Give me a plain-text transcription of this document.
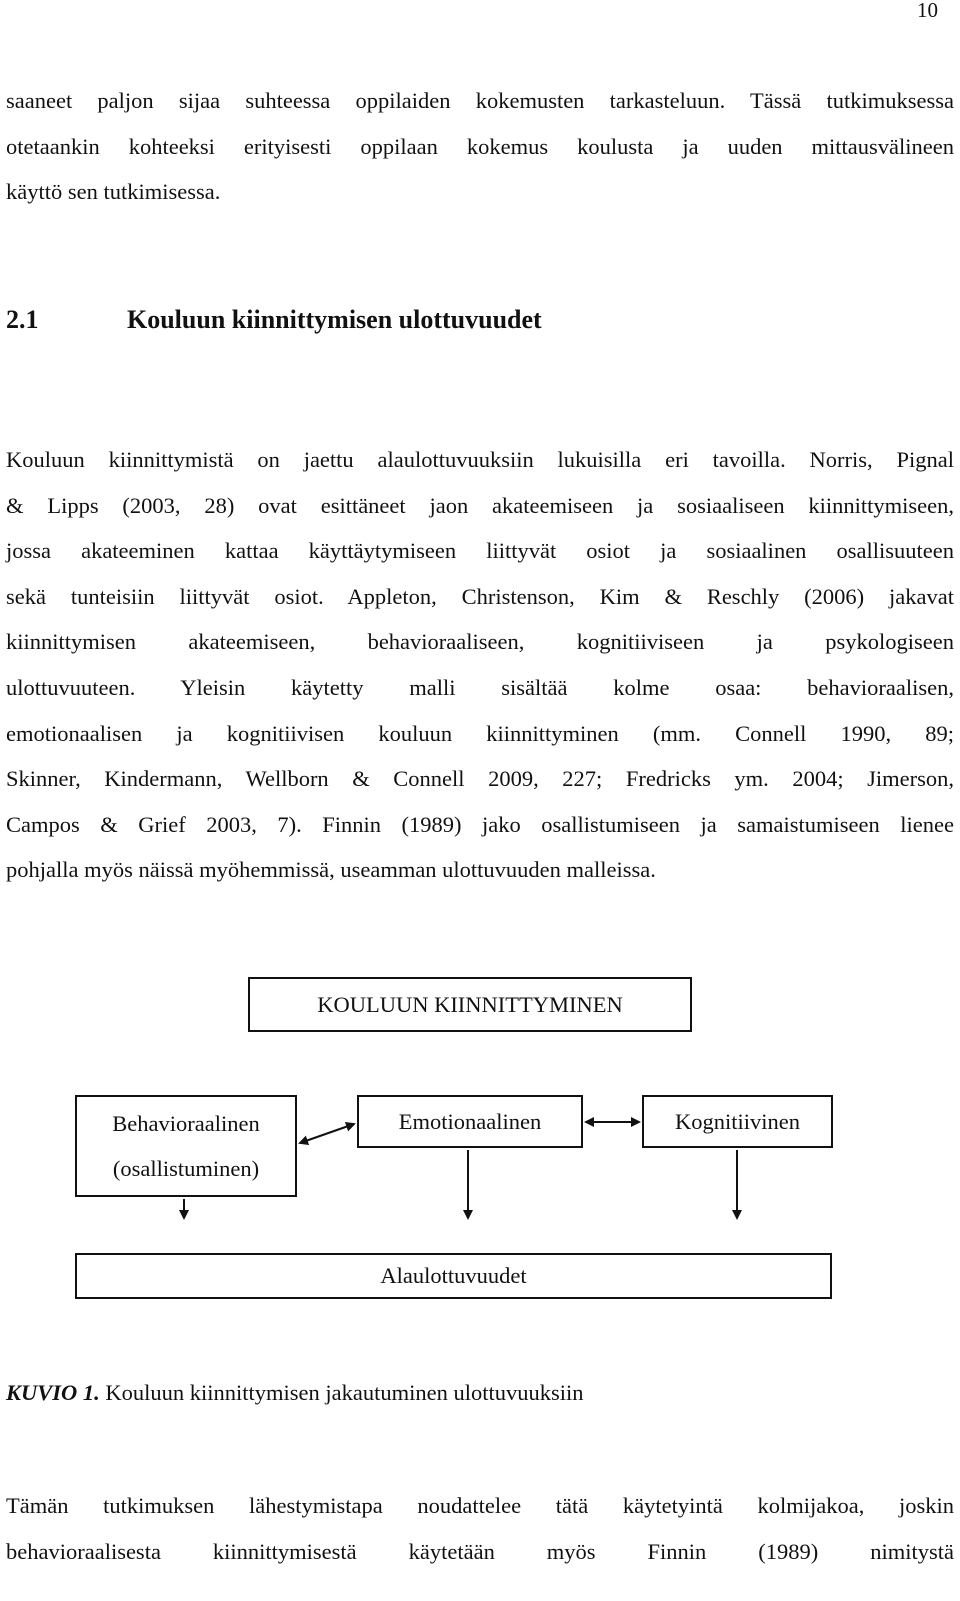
10

saaneet paljon sijaa suhteessa oppilaiden kokemusten tarkasteluun. Tässä tutkimuksessa
otetaankin kohteeksi erityisesti oppilaan kokemus koulusta ja uuden mittausvälineen
käyttö sen tutkimisessa.

2.1	Kouluun kiinnittymisen ulottuvuudet

Kouluun kiinnittymistä on jaettu alaulottuvuuksiin lukuisilla eri tavoilla. Norris, Pignal
& Lipps (2003, 28) ovat esittäneet jaon akateemiseen ja sosiaaliseen kiinnittymiseen,
jossa akateeminen kattaa käyttäytymiseen liittyvät osiot ja sosiaalinen osallisuuteen
sekä tunteisiin liittyvät osiot. Appleton, Christenson, Kim & Reschly (2006) jakavat
kiinnittymisen akateemiseen, behavioraaliseen, kognitiiviseen ja psykologiseen
ulottuvuuteen. Yleisin käytetty malli sisältää kolme osaa: behavioraalisen,
emotionaalisen ja kognitiivisen kouluun kiinnittyminen (mm. Connell 1990, 89;
Skinner, Kindermann, Wellborn & Connell 2009, 227; Fredricks ym. 2004; Jimerson,
Campos & Grief 2003, 7). Finnin (1989) jako osallistumiseen ja samaistumiseen lienee
pohjalla myös näissä myöhemmissä, useamman ulottuvuuden malleissa.

KOULUUN KIINNITTYMINEN
Behavioraalinen
(osallistuminen)
Emotionaalinen	Kognitiivinen
Alaulottuvuudet

KUVIO 1. Kouluun kiinnittymisen jakautuminen ulottuvuuksiin

Tämän tutkimuksen lähestymistapa noudattelee tätä käytetyintä kolmijakoa, joskin
behavioraalisesta kiinnittymisestä käytetään myös Finnin (1989) nimitystä
